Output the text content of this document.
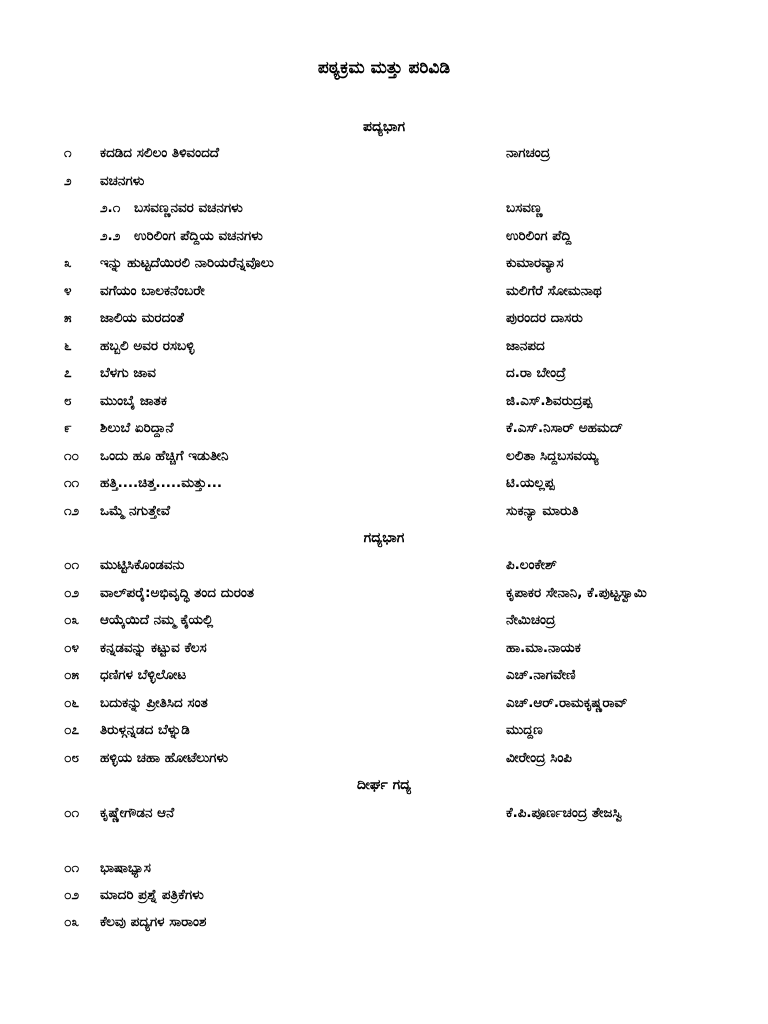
ಪಠ್ಯಕ್ರಮ ಮತ್ತು ಪರಿವಿಡಿ
ಪದ್ಯಭಾಗ
೧	ಕದಡಿದ ಸಲಿಲಂ ತಿಳಿವಂದದೆ	ನಾಗಚಂದ್ರ
೨	ವಚನಗಳು
೨.೧	ಬಸವಣ್ಣನವರ ವಚನಗಳು	ಬಸವಣ್ಣ
೨.೨	ಉರಿಲಿಂಗ ಪೆದ್ದಿಯ ವಚನಗಳು	ಉರಿಲಿಂಗ ಪೆದ್ದಿ
೩	ಇನ್ನು ಹುಟ್ಟದೆಯಿರಲಿ ನಾರಿಯರೆನ್ನವೊಲು	ಕುಮಾರವ್ಯಾಸ
೪	ವಗೆಯಂ ಬಾಲಕನೆಂಬರೇ	ಮಲಿಗೆರೆ ಸೋಮನಾಥ
೫	ಜಾಲಿಯ ಮರದಂತೆ	ಪುರಂದರ ದಾಸರು
೬	ಹಬ್ಬಲಿ ಅವರ ರಸಬಳ್ಳಿ	ಜಾನಪದ
೭	ಬೆಳಗು ಜಾವ	ದ.ರಾ ಬೇಂದ್ರೆ
೮	ಮುಂಬೈ ಜಾತಕ	ಜಿ.ಎಸ್.ಶಿವರುದ್ರಪ್ಪ
೯	ಶಿಲುಬೆ ಏರಿದ್ದಾನೆ	ಕೆ.ಎಸ್.ನಿಸಾರ್ ಅಹಮದ್
೧೦	ಒಂದು ಹೂ ಹೆಚ್ಚಿಗೆ ಇಡುತೀನಿ	ಲಲಿತಾ ಸಿದ್ದಬಸವಯ್ಯ
೧೧	ಹತ್ತಿ....ಚಿತ್ತ.....ಮತ್ತು...	ಟಿ.ಯಲ್ಲಪ್ಪ
೧೨	ಒಮ್ಮೆ ನಗುತ್ತೇವೆ	ಸುಕನ್ಯಾ ಮಾರುತಿ
ಗದ್ಯಭಾಗ
೦೧	ಮುಟ್ಟಿಸಿಕೊಂಡವನು	ಪಿ.ಲಂಕೇಶ್
೦೨	ವಾಲ್‌ಪರೈ:ಅಭಿವೃದ್ಧಿ ತಂದ ದುರಂತ	ಕೃಪಾಕರ ಸೇನಾನಿ, ಕೆ.ಪುಟ್ಟಸ್ವಾಮಿ
೦೩	ಆಯ್ಕೆಯಿದೆ ನಮ್ಮ ಕೈಯಲ್ಲಿ	ನೇಮಿಚಂದ್ರ
೦೪	ಕನ್ನಡವನ್ನು ಕಟ್ಟುವ ಕೆಲಸ	ಹಾ.ಮಾ.ನಾಯಕ
೦೫	ಧಣಿಗಳ ಬೆಳ್ಳಿಲೋಟ	ಎಚ್.ನಾಗವೇಣಿ
೦೬	ಬದುಕನ್ನು ಪ್ರೀತಿಸಿದ ಸಂತ	ಎಚ್.ಆರ್.ರಾಮಕೃಷ್ಣರಾವ್
೦೭	ತಿರುಳ್ಗನ್ನಡದ ಬೆಳ್ನುಡಿ	ಮುದ್ದಣ
೦೮	ಹಳ್ಳಿಯ ಚಹಾ ಹೋಟೆಲುಗಳು	ವೀರೇಂದ್ರ ಸಿಂಪಿ
ದೀರ್ಘ ಗದ್ಯ
೦೧	ಕೃಷ್ಣೇಗೌಡನ ಆನೆ	ಕೆ.ಪಿ.ಪೂರ್ಣಚಂದ್ರ ತೇಜಸ್ವಿ
೦೧	ಭಾಷಾಭ್ಯಾಸ
೦೨	ಮಾದರಿ ಪ್ರಶ್ನೆ ಪತ್ರಿಕೆಗಳು
೦೩	ಕೆಲವು ಪದ್ಯಗಳ ಸಾರಾಂಶ
